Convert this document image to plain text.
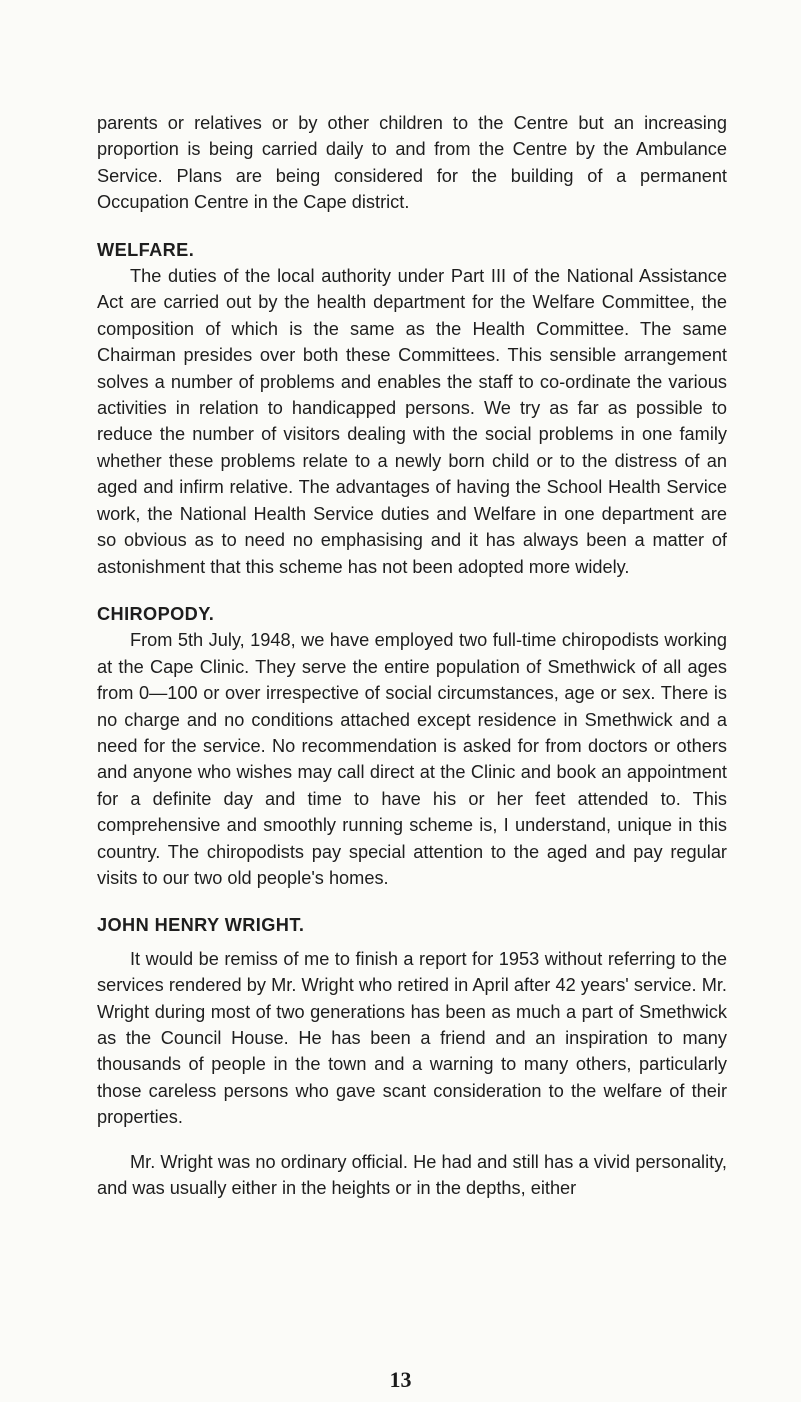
parents or relatives or by other children to the Centre but an increasing proportion is being carried daily to and from the Centre by the Ambulance Service. Plans are being considered for the building of a permanent Occupation Centre in the Cape district.

WELFARE.

The duties of the local authority under Part III of the National Assistance Act are carried out by the health department for the Welfare Committee, the composition of which is the same as the Health Committee. The same Chairman presides over both these Committees. This sensible arrangement solves a number of problems and enables the staff to co-ordinate the various activities in relation to handicapped persons. We try as far as possible to reduce the number of visitors dealing with the social problems in one family whether these problems relate to a newly born child or to the distress of an aged and infirm relative. The advantages of having the School Health Service work, the National Health Service duties and Welfare in one department are so obvious as to need no emphasising and it has always been a matter of astonishment that this scheme has not been adopted more widely.

CHIROPODY.

From 5th July, 1948, we have employed two full-time chiropodists working at the Cape Clinic. They serve the entire population of Smethwick of all ages from 0—100 or over irrespective of social circumstances, age or sex. There is no charge and no conditions attached except residence in Smethwick and a need for the service. No recommendation is asked for from doctors or others and anyone who wishes may call direct at the Clinic and book an appointment for a definite day and time to have his or her feet attended to. This comprehensive and smoothly running scheme is, I understand, unique in this country. The chiropodists pay special attention to the aged and pay regular visits to our two old people's homes.

JOHN HENRY WRIGHT.

It would be remiss of me to finish a report for 1953 without referring to the services rendered by Mr. Wright who retired in April after 42 years' service. Mr. Wright during most of two generations has been as much a part of Smethwick as the Council House. He has been a friend and an inspiration to many thousands of people in the town and a warning to many others, particularly those careless persons who gave scant consideration to the welfare of their properties.

Mr. Wright was no ordinary official. He had and still has a vivid personality, and was usually either in the heights or in the depths, either

13
